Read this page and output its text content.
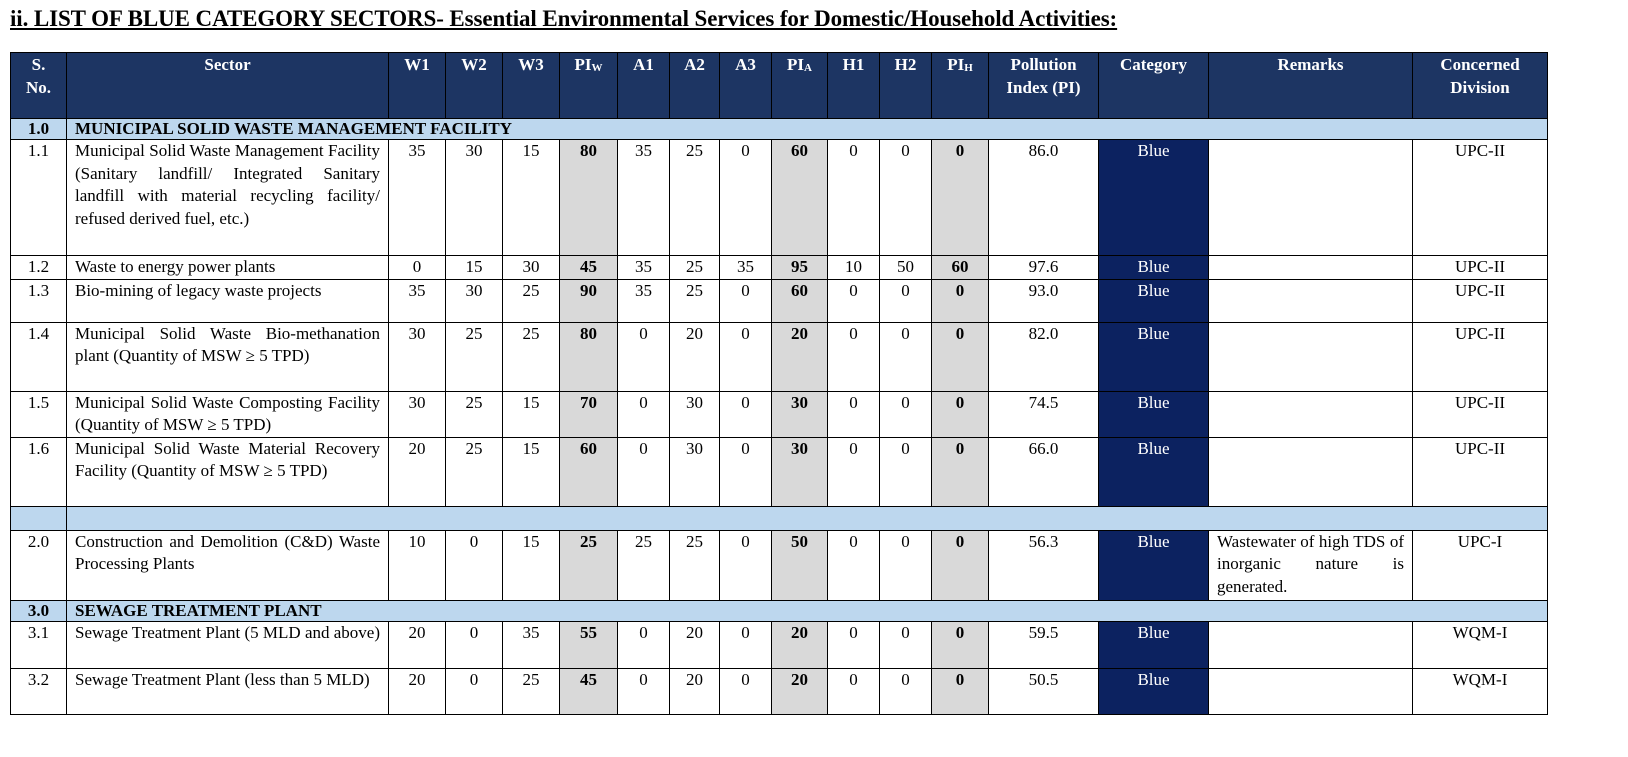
ii. LIST OF BLUE CATEGORY SECTORS- Essential Environmental Services for Domestic/Household Activities:
S.
No.	Sector	W1	W2	W3	$PI_W$	A1	A2	A3	$PI_A$	H1	H2	$PI_H$	Pollution
Index (PI)	Category	Remarks	Concerned
Division
1.0	MUNICIPAL SOLID WASTE MANAGEMENT FACILITY															
1.1	Municipal Solid Waste Management Facility (Sanitary landfill/ Integrated Sanitary landfill with material recycling facility/ refused derived fuel, etc.)	35	30	15	80	35	25	0	60	0	0	0	86.0	Blue		UPC-II
1.2	Waste to energy power plants	0	15	30	45	35	25	35	95	10	50	60	97.6	Blue		UPC-II
1.3	Bio-mining of legacy waste projects	35	30	25	90	35	25	0	60	0	0	0	93.0	Blue		UPC-II
1.4	Municipal Solid Waste Bio-methanation plant (Quantity of MSW ≥ 5 TPD)	30	25	25	80	0	20	0	20	0	0	0	82.0	Blue		UPC-II
1.5	Municipal Solid Waste Composting Facility (Quantity of MSW ≥ 5 TPD)	30	25	15	70	0	30	0	30	0	0	0	74.5	Blue		UPC-II
1.6	Municipal Solid Waste Material Recovery Facility (Quantity of MSW ≥ 5 TPD)	20	25	15	60	0	30	0	30	0	0	0	66.0	Blue		UPC-II

2.0	Construction and Demolition (C&D) Waste Processing Plants	10	0	15	25	25	25	0	50	0	0	0	56.3	Blue	Wastewater of high TDS of inorganic nature is generated.	UPC-I
3.0	SEWAGE TREATMENT PLANT															
3.1	Sewage Treatment Plant (5 MLD and above)	20	0	35	55	0	20	0	20	0	0	0	59.5	Blue		WQM-I
3.2	Sewage Treatment Plant (less than 5 MLD)	20	0	25	45	0	20	0	20	0	0	0	50.5	Blue		WQM-I
